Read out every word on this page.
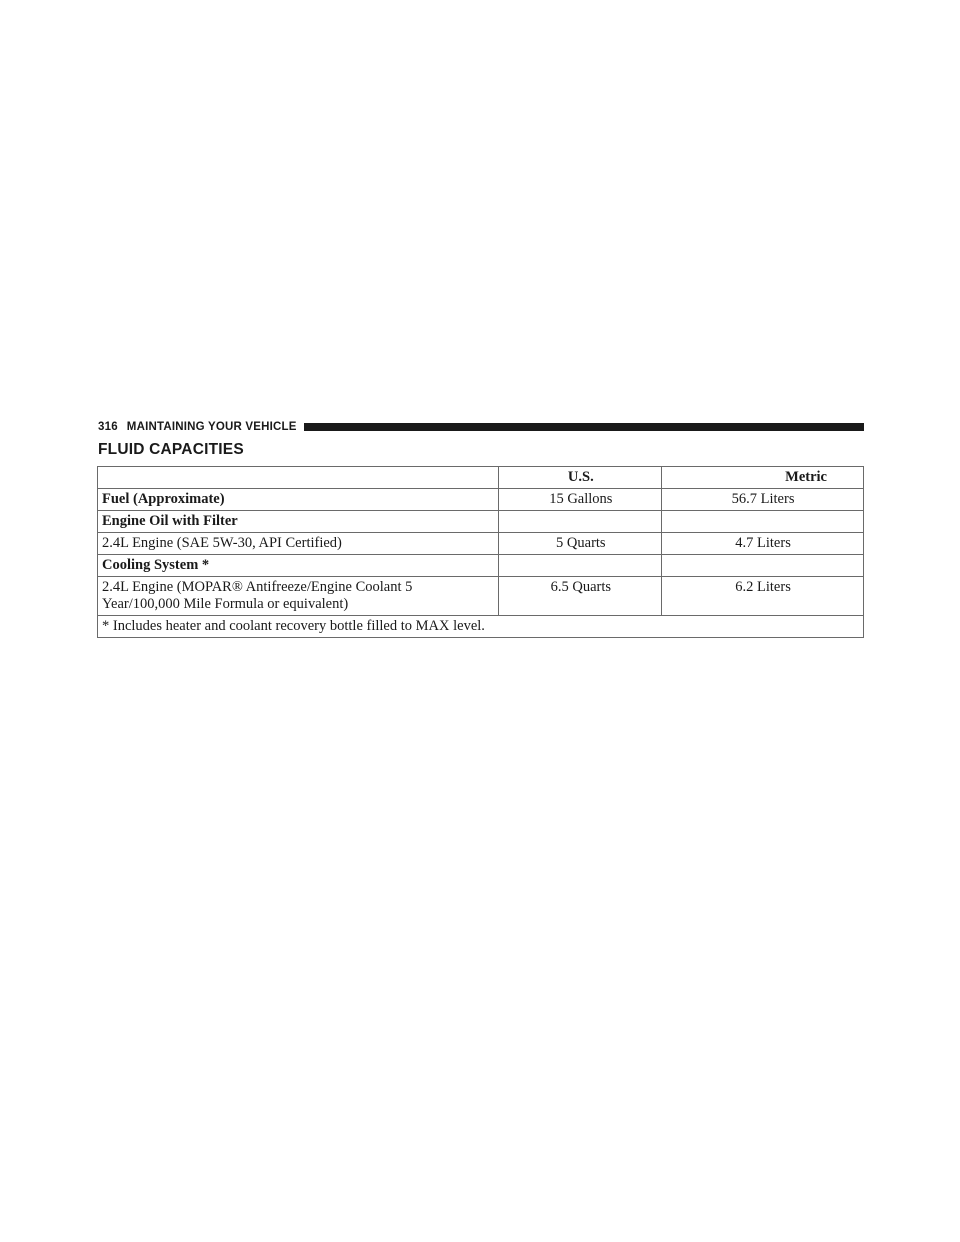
316 MAINTAINING YOUR VEHICLE
FLUID CAPACITIES
	U.S.	Metric
Fuel (Approximate)	15 Gallons	56.7 Liters
Engine Oil with Filter		
2.4L Engine (SAE 5W-30, API Certified)	5 Quarts	4.7 Liters
Cooling System *		

2.4L Engine (MOPAR® Antifreeze/Engine Coolant 5
Year/100,000 Mile Formula or equivalent)	6.5 Quarts	6.2 Liters
* Includes heater and coolant recovery bottle filled to MAX level.		
